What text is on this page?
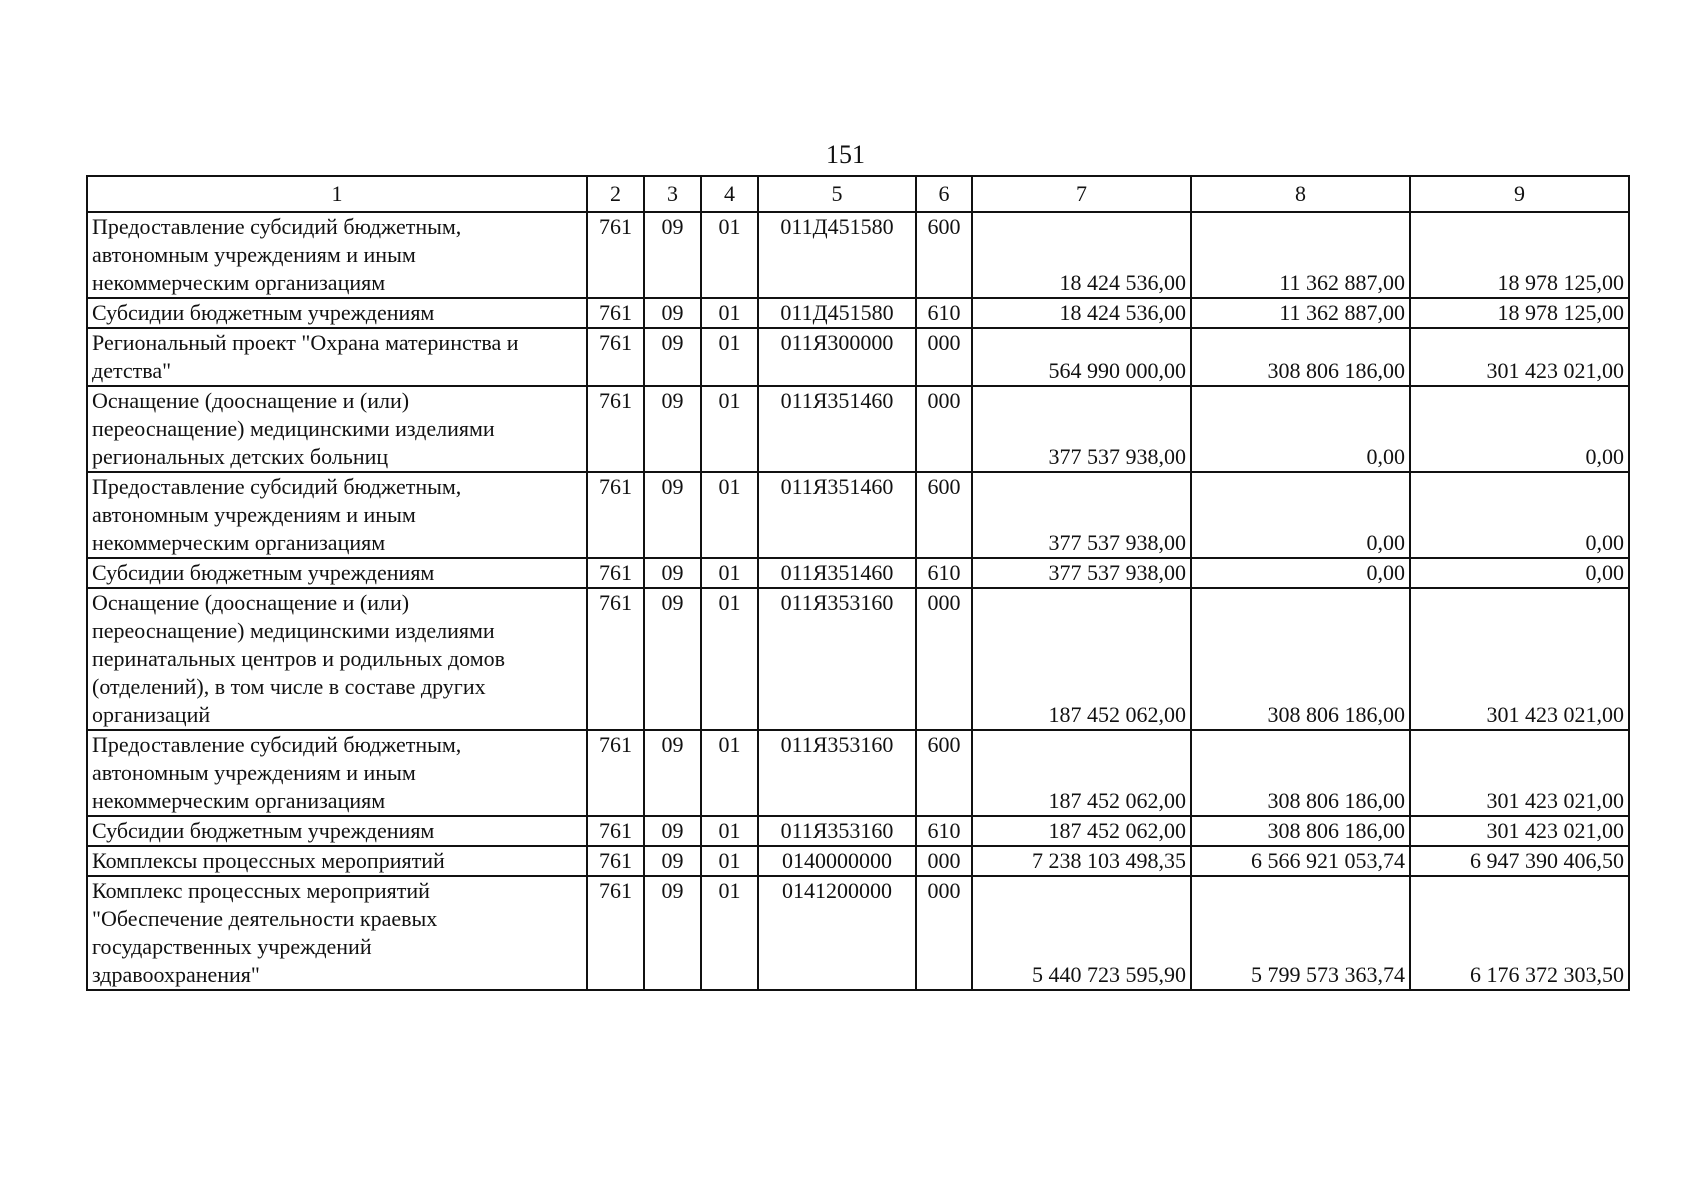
151
1	2	3	4	5	6	7	8	9

Предоставление субсидий бюджетным,
автономным учреждениям и иным
некоммерческим организациям	761	09	01	011Д451580	600	18 424 536,00	11 362 887,00	18 978 125,00

Субсидии бюджетным учреждениям	761	09	01	011Д451580	610	18 424 536,00	11 362 887,00	18 978 125,00

Региональный проект "Охрана материнства и
детства"	761	09	01	011Я300000	000	564 990 000,00	308 806 186,00	301 423 021,00

Оснащение (дооснащение и (или)
переоснащение) медицинскими изделиями
региональных детских больниц	761	09	01	011Я351460	000	377 537 938,00	0,00	0,00

Предоставление субсидий бюджетным,
автономным учреждениям и иным
некоммерческим организациям	761	09	01	011Я351460	600	377 537 938,00	0,00	0,00

Субсидии бюджетным учреждениям	761	09	01	011Я351460	610	377 537 938,00	0,00	0,00

Оснащение (дооснащение и (или)
переоснащение) медицинскими изделиями
перинатальных центров и родильных домов
(отделений), в том числе в составе других
организаций	761	09	01	011Я353160	000	187 452 062,00	308 806 186,00	301 423 021,00

Предоставление субсидий бюджетным,
автономным учреждениям и иным
некоммерческим организациям	761	09	01	011Я353160	600	187 452 062,00	308 806 186,00	301 423 021,00

Субсидии бюджетным учреждениям	761	09	01	011Я353160	610	187 452 062,00	308 806 186,00	301 423 021,00

Комплексы процессных мероприятий	761	09	01	0140000000	000	7 238 103 498,35	6 566 921 053,74	6 947 390 406,50

Комплекс процессных мероприятий
"Обеспечение деятельности краевых
государственных учреждений
здравоохранения"	761	09	01	0141200000	000	5 440 723 595,90	5 799 573 363,74	6 176 372 303,50
